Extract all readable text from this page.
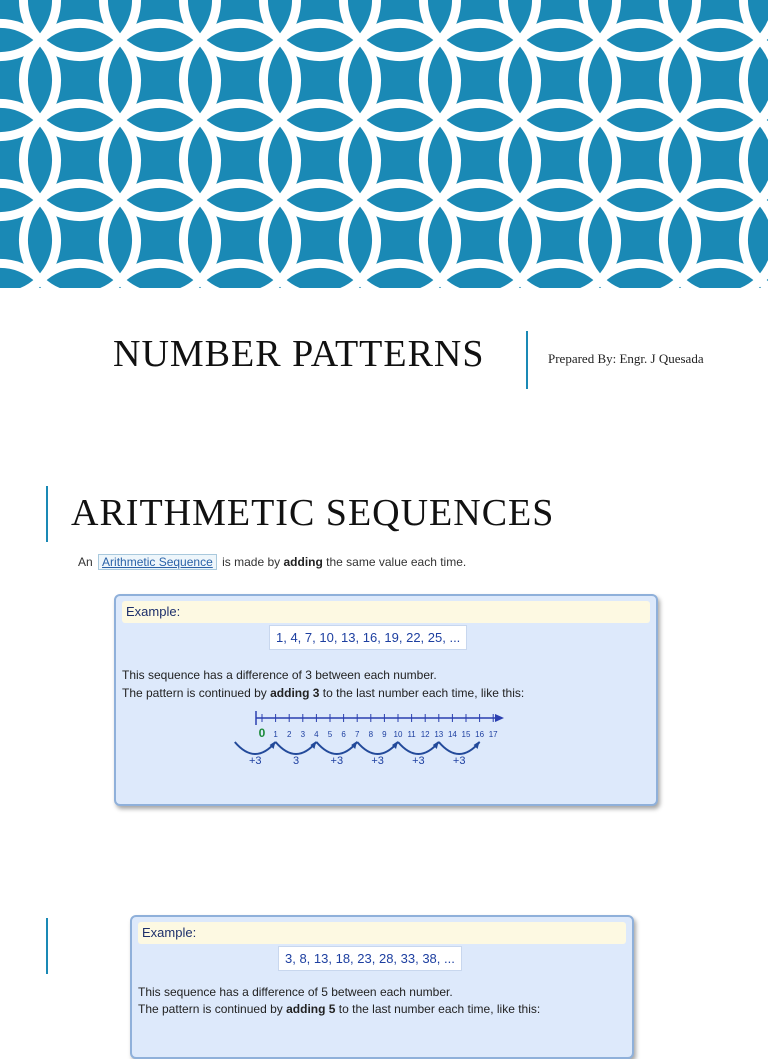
NUMBER PATTERNS	Prepared By: Engr. J Quesada
ARITHMETIC SEQUENCES
An Arithmetic Sequence is made by adding the same value each time.
Example:
1, 4, 7, 10, 13, 16, 19, 22, 25, ...
This sequence has a difference of 3 between each number.
The pattern is continued by adding 3 to the last number each time, like this:
0 1 2 3 4 5 6 7 8 9 10 11 12 13 14 15 16 17
+3	3	+3	+3	+3	+3
Example:
3, 8, 13, 18, 23, 28, 33, 38, ...
This sequence has a difference of 5 between each number.
The pattern is continued by adding 5 to the last number each time, like this:
